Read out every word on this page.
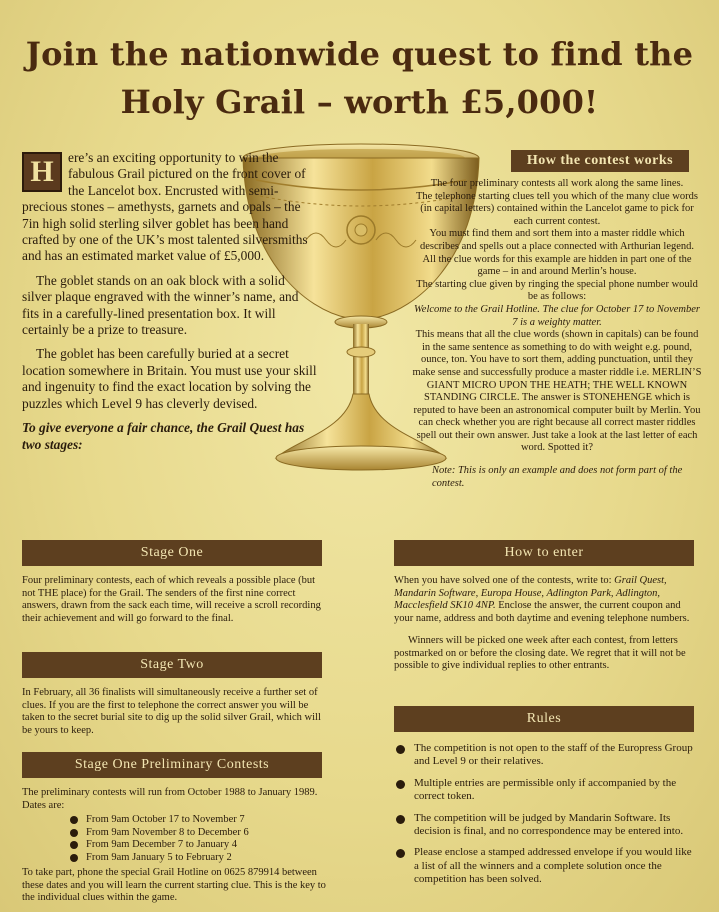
Join the nationwide quest to find the
Holy Grail – worth £5,000!

H	ere’s an exciting opportunity to win the fabulous Grail pictured on the front cover of the Lancelot box. Encrusted with semi-precious stones – amethysts, garnets and opals – the 7in high solid sterling silver goblet has been hand crafted by one of the UK’s most talented silversmiths and has an estimated market value of £5,000.

The goblet stands on an oak block with a solid silver plaque engraved with the winner’s name, and fits in a carefully-lined presentation box. It will certainly be a prize to treasure.

The goblet has been carefully buried at a secret location somewhere in Britain. You must use your skill and ingenuity to find the exact location by solving the puzzles which Level 9 has cleverly devised.

To give everyone a fair chance, the Grail Quest has two stages:

How the contest works

The four preliminary contests all work along the same lines.

The telephone starting clues tell you which of the many clue words (in capital letters) contained within the Lancelot game to pick for each current contest.

You must find them and sort them into a master riddle which describes and spells out a place connected with Arthurian legend.

All the clue words for this example are hidden in part one of the game – in and around Merlin’s house.

The starting clue given by ringing the special phone number would be as follows:

Welcome to the Grail Hotline. The clue for October 17 to November 7 is a weighty matter.

This means that all the clue words (shown in capitals) can be found in the same sentence as something to do with weight e.g. pound, ounce, ton. You have to sort them, adding punctuation, until they make sense and successfully produce a master riddle i.e. MERLIN’S GIANT MICRO UPON THE HEATH; THE WELL KNOWN STANDING CIRCLE. The answer is STONEHENGE which is reputed to have been an astronomical computer built by Merlin. You can check whether you are right because all correct master riddles spell out their own answer. Just take a look at the last letter of each word. Spotted it?

Note: This is only an example and does not form part of the contest.

Stage One

Four preliminary contests, each of which reveals a possible place (but not THE place) for the Grail. The senders of the first nine correct answers, drawn from the sack each time, will receive a scroll recording their achievement and will go forward to the final.

Stage Two

In February, all 36 finalists will simultaneously receive a further set of clues. If you are the first to telephone the correct answer you will be taken to the secret burial site to dig up the solid silver Grail, which will be yours to keep.

Stage One Preliminary Contests

The preliminary contests will run from October 1988 to January 1989. Dates are:

From 9am October 17 to November 7
From 9am November 8 to December 6
From 9am December 7 to January 4
From 9am January 5 to February 2

To take part, phone the special Grail Hotline on 0625 879914 between these dates and you will learn the current starting clue. This is the key to the individual clues within the game.

How to enter

When you have solved one of the contests, write to: Grail Quest, Mandarin Software, Europa House, Adlington Park, Adlington, Macclesfield SK10 4NP. Enclose the answer, the current coupon and your name, address and both daytime and evening telephone numbers.

Winners will be picked one week after each contest, from letters postmarked on or before the closing date. We regret that it will not be possible to give individual replies to other entrants.

Rules
The competition is not open to the staff of the Europress Group and Level 9 or their relatives.
Multiple entries are permissible only if accompanied by the correct token.
The competition will be judged by Mandarin Software. Its decision is final, and no correspondence may be entered into.
Please enclose a stamped addressed envelope if you would like a list of all the winners and a complete solution once the competition has been solved.
